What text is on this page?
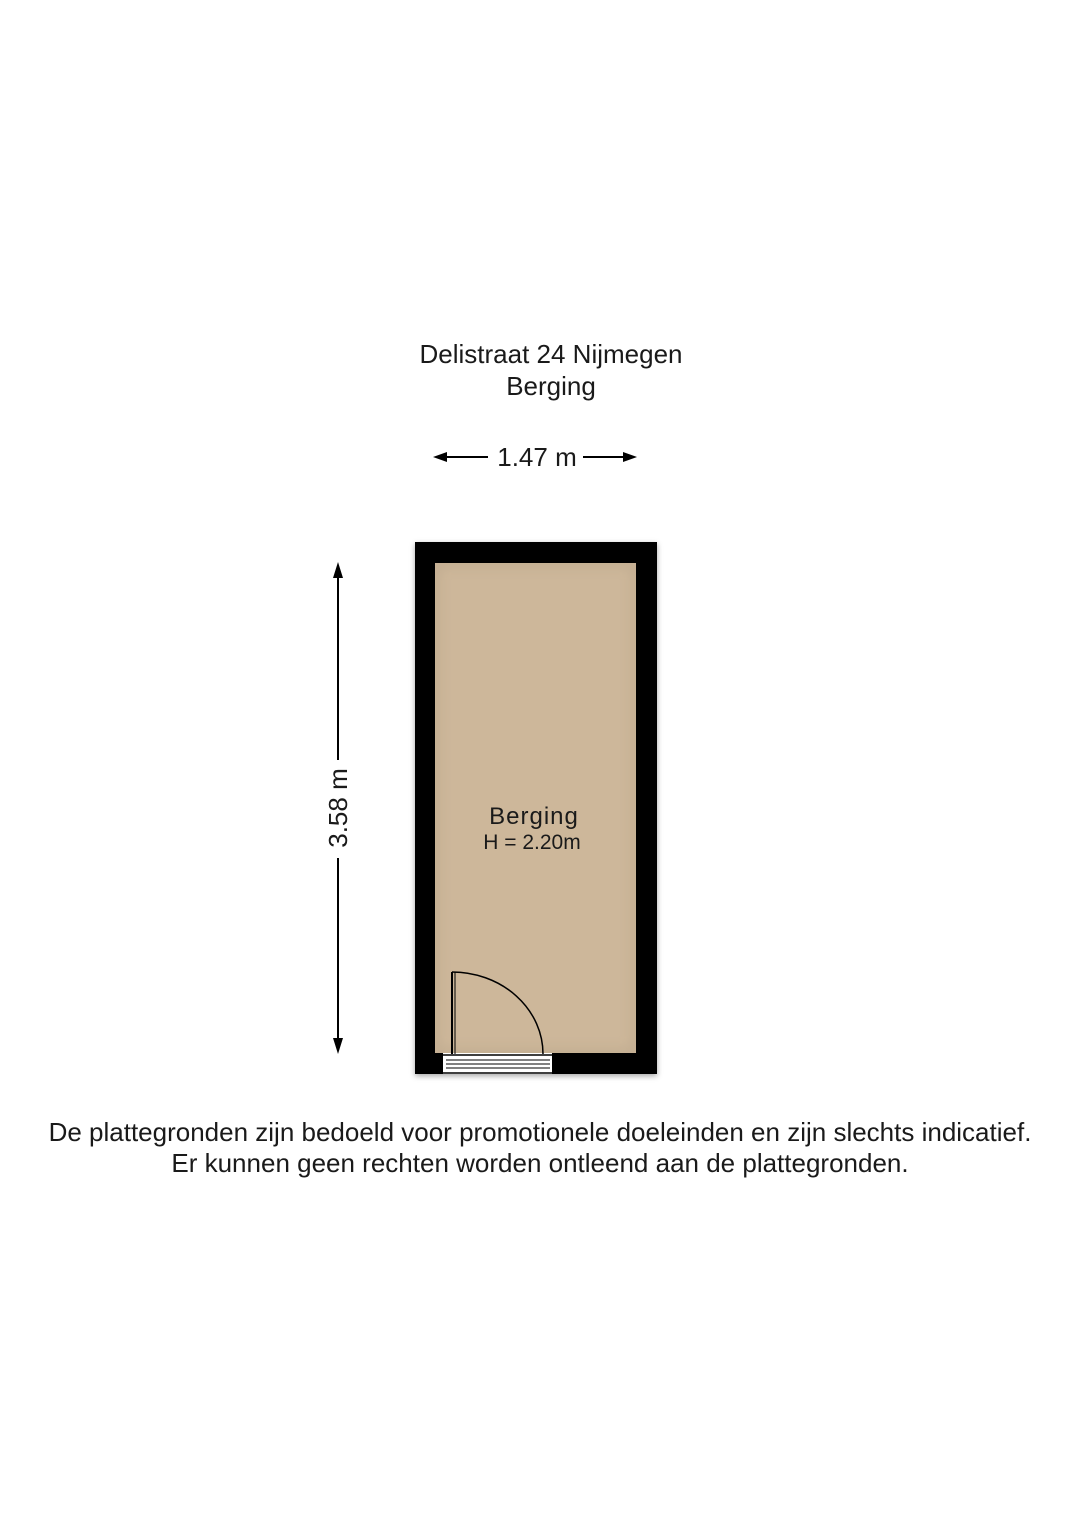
Delistraat 24 Nijmegen
Berging
1.47 m
3.58 m	Berging
H = 2.20m
De plattegronden zijn bedoeld voor promotionele doeleinden en zijn slechts indicatief.
Er kunnen geen rechten worden ontleend aan de plattegronden.
